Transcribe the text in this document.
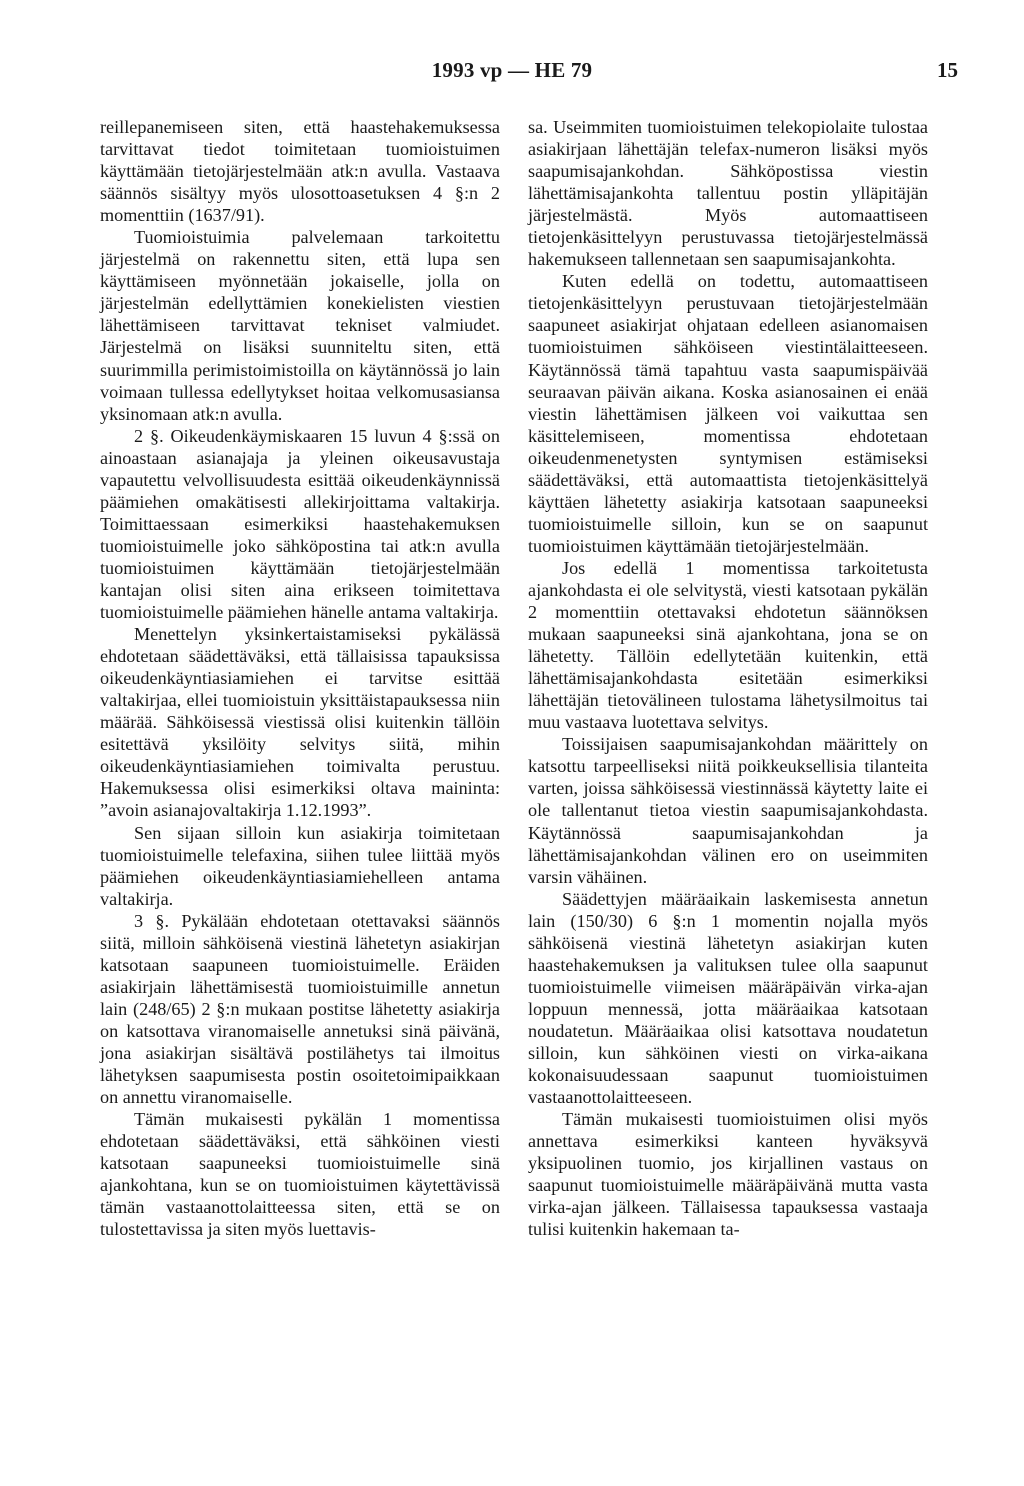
1993 vp — HE 79	15

reillepanemiseen siten, että haastehakemuksessa tarvittavat tiedot toimitetaan tuomioistuimen käyttämään tietojärjestelmään atk:n avulla. Vastaava säännös sisältyy myös ulosottoasetuksen 4 §:n 2 momenttiin (1637/91).

Tuomioistuimia palvelemaan tarkoitettu järjestelmä on rakennettu siten, että lupa sen käyttämiseen myönnetään jokaiselle, jolla on järjestelmän edellyttämien konekielisten viestien lähettämiseen tarvittavat tekniset valmiudet. Järjestelmä on lisäksi suunniteltu siten, että suurimmilla perimistoimistoilla on käytännössä jo lain voimaan tullessa edellytykset hoitaa velkomusasiansa yksinomaan atk:n avulla.

2 §. Oikeudenkäymiskaaren 15 luvun 4 §:ssä on ainoastaan asianajaja ja yleinen oikeusavustaja vapautettu velvollisuudesta esittää oikeudenkäynnissä päämiehen omakätisesti allekirjoittama valtakirja. Toimittaessaan esimerkiksi haastehakemuksen tuomioistuimelle joko sähköpostina tai atk:n avulla tuomioistuimen käyttämään tietojärjestelmään kantajan olisi siten aina erikseen toimitettava tuomioistuimelle päämiehen hänelle antama valtakirja.

Menettelyn yksinkertaistamiseksi pykälässä ehdotetaan säädettäväksi, että tällaisissa tapauksissa oikeudenkäyntiasiamiehen ei tarvitse esittää valtakirjaa, ellei tuomioistuin yksittäistapauksessa niin määrää. Sähköisessä viestissä olisi kuitenkin tällöin esitettävä yksilöity selvitys siitä, mihin oikeudenkäyntiasiamiehen toimivalta perustuu. Hakemuksessa olisi esimerkiksi oltava maininta: ”avoin asianajovaltakirja 1.12.1993”.

Sen sijaan silloin kun asiakirja toimitetaan tuomioistuimelle telefaxina, siihen tulee liittää myös päämiehen oikeudenkäyntiasiamiehelleen antama valtakirja.

3 §. Pykälään ehdotetaan otettavaksi säännös siitä, milloin sähköisenä viestinä lähetetyn asiakirjan katsotaan saapuneen tuomioistuimelle. Eräiden asiakirjain lähettämisestä tuomioistuimille annetun lain (248/65) 2 §:n mukaan postitse lähetetty asiakirja on katsottava viranomaiselle annetuksi sinä päivänä, jona asiakirjan sisältävä postilähetys tai ilmoitus lähetyksen saapumisesta postin osoitetoimipaikkaan on annettu viranomaiselle.

Tämän mukaisesti pykälän 1 momentissa ehdotetaan säädettäväksi, että sähköinen viesti katsotaan saapuneeksi tuomioistuimelle sinä ajankohtana, kun se on tuomioistuimen käytettävissä tämän vastaanottolaitteessa siten, että se on tulostettavissa ja siten myös luettavis-

sa. Useimmiten tuomioistuimen telekopiolaite tulostaa asiakirjaan lähettäjän telefax-numeron lisäksi myös saapumisajankohdan. Sähköpostissa viestin lähettämisajankohta tallentuu postin ylläpitäjän järjestelmästä. Myös automaattiseen tietojenkäsittelyyn perustuvassa tietojärjestelmässä hakemukseen tallennetaan sen saapumisajankohta.

Kuten edellä on todettu, automaattiseen tietojenkäsittelyyn perustuvaan tietojärjestelmään saapuneet asiakirjat ohjataan edelleen asianomaisen tuomioistuimen sähköiseen viestintälaitteeseen. Käytännössä tämä tapahtuu vasta saapumispäivää seuraavan päivän aikana. Koska asianosainen ei enää viestin lähettämisen jälkeen voi vaikuttaa sen käsittelemiseen, momentissa ehdotetaan oikeudenmenetysten syntymisen estämiseksi säädettäväksi, että automaattista tietojenkäsittelyä käyttäen lähetetty asiakirja katsotaan saapuneeksi tuomioistuimelle silloin, kun se on saapunut tuomioistuimen käyttämään tietojärjestelmään.

Jos edellä 1 momentissa tarkoitetusta ajankohdasta ei ole selvitystä, viesti katsotaan pykälän 2 momenttiin otettavaksi ehdotetun säännöksen mukaan saapuneeksi sinä ajankohtana, jona se on lähetetty. Tällöin edellytetään kuitenkin, että lähettämisajankohdasta esitetään esimerkiksi lähettäjän tietovälineen tulostama lähetysilmoitus tai muu vastaava luotettava selvitys.

Toissijaisen saapumisajankohdan määrittely on katsottu tarpeelliseksi niitä poikkeuksellisia tilanteita varten, joissa sähköisessä viestinnässä käytetty laite ei ole tallentanut tietoa viestin saapumisajankohdasta. Käytännössä saapumisajankohdan ja lähettämisajankohdan välinen ero on useimmiten varsin vähäinen.

Säädettyjen määräaikain laskemisesta annetun lain (150/30) 6 §:n 1 momentin nojalla myös sähköisenä viestinä lähetetyn asiakirjan kuten haastehakemuksen ja valituksen tulee olla saapunut tuomioistuimelle viimeisen määräpäivän virka-ajan loppuun mennessä, jotta määräaikaa katsotaan noudatetun. Määräaikaa olisi katsottava noudatetun silloin, kun sähköinen viesti on virka-aikana kokonaisuudessaan saapunut tuomioistuimen vastaanottolaitteeseen.

Tämän mukaisesti tuomioistuimen olisi myös annettava esimerkiksi kanteen hyväksyvä yksipuolinen tuomio, jos kirjallinen vastaus on saapunut tuomioistuimelle määräpäivänä mutta vasta virka-ajan jälkeen. Tällaisessa tapauksessa vastaaja tulisi kuitenkin hakemaan ta-
